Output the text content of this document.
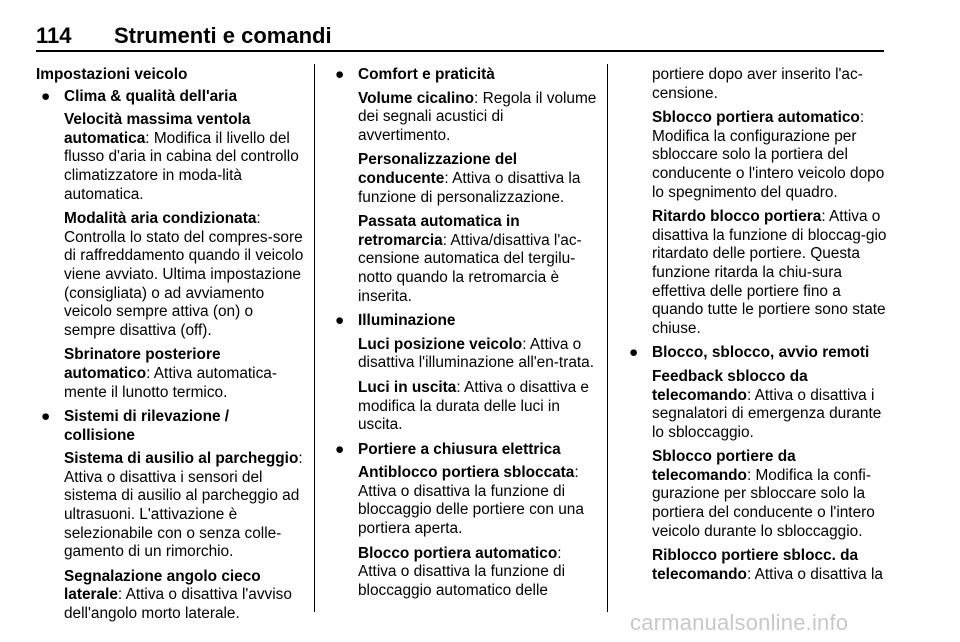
114 Strumenti e comandi
Impostazioni veicolo
● Clima & qualità dell'aria
Velocità massima ventola automatica: Modifica il livello del flusso d'aria in cabina del controllo climatizzatore in moda-lità automatica.
Modalità aria condizionata: Controlla lo stato del compres-sore di raffreddamento quando il veicolo viene avviato. Ultima impostazione (consigliata) o ad avviamento veicolo sempre attiva (on) o sempre disattiva (off).
Sbrinatore posteriore automatico: Attiva automatica-mente il lunotto termico.
● Sistemi di rilevazione / collisione
Sistema di ausilio al parcheggio: Attiva o disattiva i sensori del sistema di ausilio al parcheggio ad ultrasuoni. L'attivazione è selezionabile con o senza colle-gamento di un rimorchio.
Segnalazione angolo cieco laterale: Attiva o disattiva l'avviso dell'angolo morto laterale.
● Comfort e praticità
Volume cicalino: Regola il volume dei segnali acustici di avvertimento.
Personalizzazione del conducente: Attiva o disattiva la funzione di personalizzazione.
Passata automatica in retromarcia: Attiva/disattiva l'ac-censione automatica del tergilu-notto quando la retromarcia è inserita.
● Illuminazione
Luci posizione veicolo: Attiva o disattiva l'illuminazione all'en-trata.
Luci in uscita: Attiva o disattiva e modifica la durata delle luci in uscita.
● Portiere a chiusura elettrica
Antiblocco portiera sbloccata: Attiva o disattiva la funzione di bloccaggio delle portiere con una portiera aperta.
Blocco portiera automatico: Attiva o disattiva la funzione di bloccaggio automatico delle
portiere dopo aver inserito l'ac-censione.
Sblocco portiera automatico: Modifica la configurazione per sbloccare solo la portiera del conducente o l'intero veicolo dopo lo spegnimento del quadro.
Ritardo blocco portiera: Attiva o disattiva la funzione di bloccag-gio ritardato delle portiere. Questa funzione ritarda la chiu-sura effettiva delle portiere fino a quando tutte le portiere sono state chiuse.
● Blocco, sblocco, avvio remoti
Feedback sblocco da telecomando: Attiva o disattiva i segnalatori di emergenza durante lo sbloccaggio.
Sblocco portiere da telecomando: Modifica la confi-gurazione per sbloccare solo la portiera del conducente o l'intero veicolo durante lo sbloccaggio.
Riblocco portiere sblocc. da telecomando: Attiva o disattiva la
carmanualsonline.info
